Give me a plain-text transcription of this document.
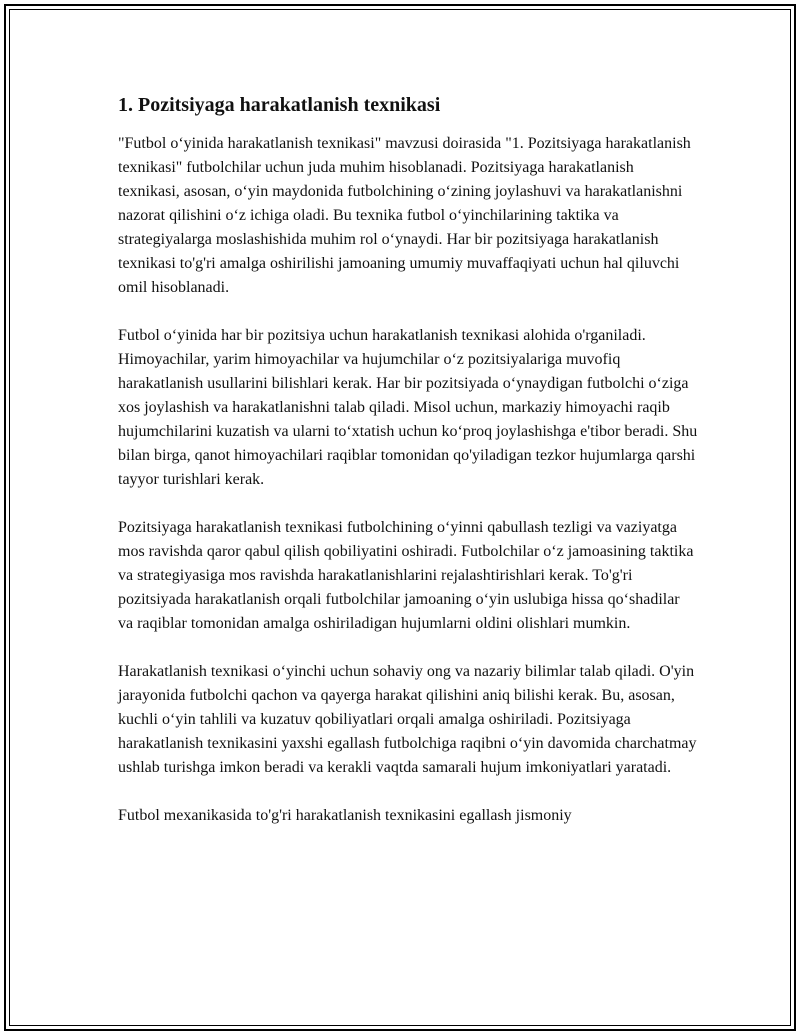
1. Pozitsiyaga harakatlanish texnikasi

"Futbol o‘yinida harakatlanish texnikasi" mavzusi doirasida "1. Pozitsiyaga harakatlanish texnikasi" futbolchilar uchun juda muhim hisoblanadi. Pozitsiyaga harakatlanish texnikasi, asosan, o‘yin maydonida futbolchining o‘zining joylashuvi va harakatlanishni nazorat qilishini o‘z ichiga oladi. Bu texnika futbol o‘yinchilarining taktika va strategiyalarga moslashishida muhim rol o‘ynaydi. Har bir pozitsiyaga harakatlanish texnikasi to'g'ri amalga oshirilishi jamoaning umumiy muvaffaqiyati uchun hal qiluvchi omil hisoblanadi.

Futbol o‘yinida har bir pozitsiya uchun harakatlanish texnikasi alohida o'rganiladi. Himoyachilar, yarim himoyachilar va hujumchilar o‘z pozitsiyalariga muvofiq harakatlanish usullarini bilishlari kerak. Har bir pozitsiyada o‘ynaydigan futbolchi o‘ziga xos joylashish va harakatlanishni talab qiladi. Misol uchun, markaziy himoyachi raqib hujumchilarini kuzatish va ularni to‘xtatish uchun ko‘proq joylashishga e'tibor beradi. Shu bilan birga, qanot himoyachilari raqiblar tomonidan qo'yiladigan tezkor hujumlarga qarshi tayyor turishlari kerak.

Pozitsiyaga harakatlanish texnikasi futbolchining o‘yinni qabullash tezligi va vaziyatga mos ravishda qaror qabul qilish qobiliyatini oshiradi. Futbolchilar o‘z jamoasining taktika va strategiyasiga mos ravishda harakatlanishlarini rejalashtirishlari kerak. To'g'ri pozitsiyada harakatlanish orqali futbolchilar jamoaning o‘yin uslubiga hissa qo‘shadilar va raqiblar tomonidan amalga oshiriladigan hujumlarni oldini olishlari mumkin.

Harakatlanish texnikasi o‘yinchi uchun sohaviy ong va nazariy bilimlar talab qiladi. O'yin jarayonida futbolchi qachon va qayerga harakat qilishini aniq bilishi kerak. Bu, asosan, kuchli o‘yin tahlili va kuzatuv qobiliyatlari orqali amalga oshiriladi. Pozitsiyaga harakatlanish texnikasini yaxshi egallash futbolchiga raqibni o‘yin davomida charchatmay ushlab turishga imkon beradi va kerakli vaqtda samarali hujum imkoniyatlari yaratadi.

Futbol mexanikasida to'g'ri harakatlanish texnikasini egallash jismoniy
